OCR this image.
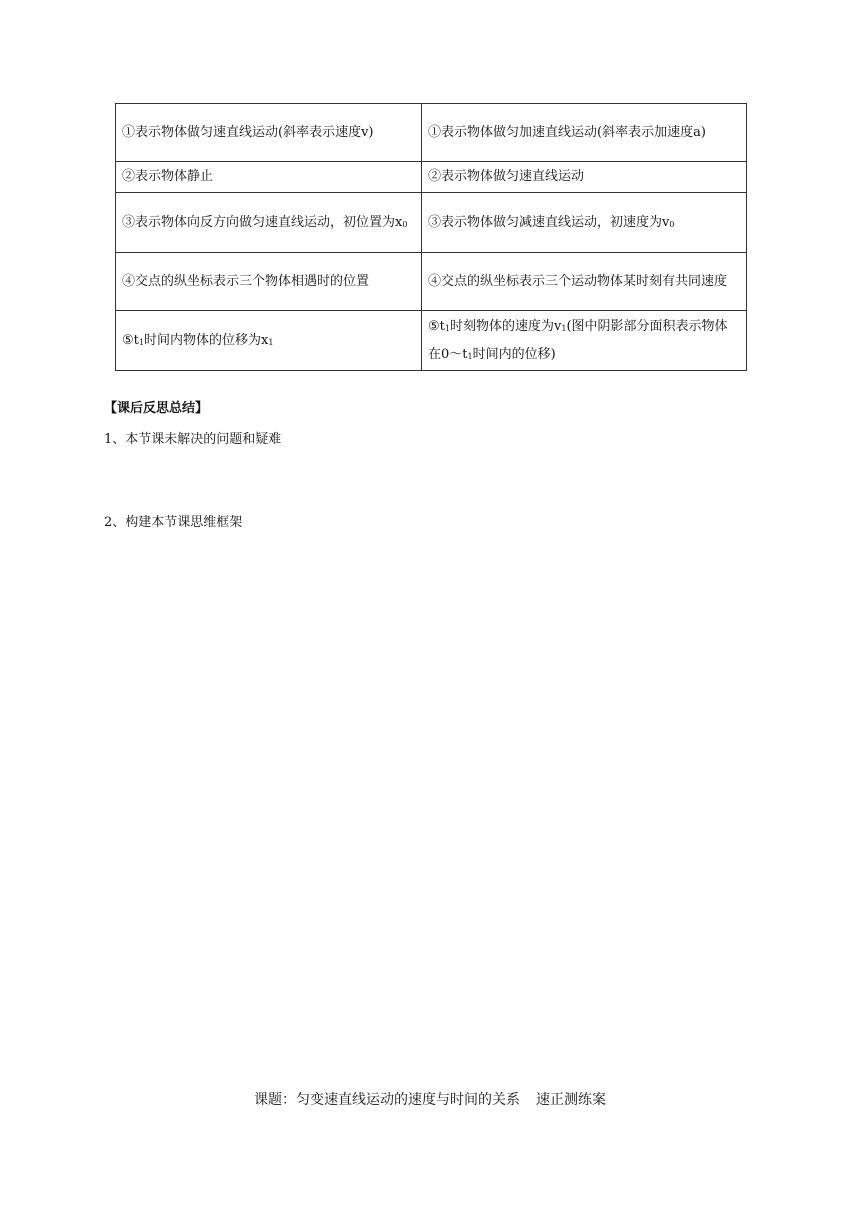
①表示物体做匀速直线运动(斜率表示速度v)	①表示物体做匀加速直线运动(斜率表示加速度a)
②表示物体静止	②表示物体做匀速直线运动
③表示物体向反方向做匀速直线运动，初位置为x0	③表示物体做匀减速直线运动，初速度为v0
④交点的纵坐标表示三个物体相遇时的位置	④交点的纵坐标表示三个运动物体某时刻有共同速度
⑤t1时间内物体的位移为x1	⑤t1时刻物体的速度为v1(图中阴影部分面积表示物体在0～t1时间内的位移)
【课后反思总结】
1、本节课未解决的问题和疑难
2、构建本节课思维框架
课题：匀变速直线运动的速度与时间的关系 速正测练案
